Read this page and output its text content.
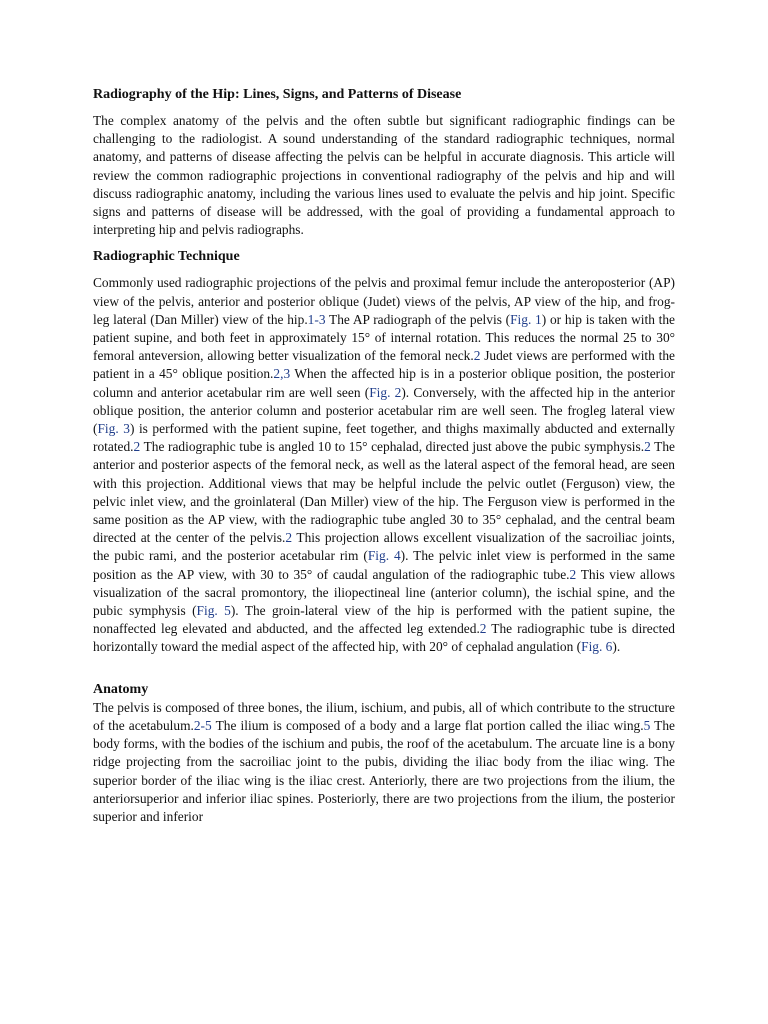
Radiography of the Hip: Lines, Signs, and Patterns of Disease

The complex anatomy of the pelvis and the often subtle but significant radiographic findings can be challenging to the radiologist. A sound understanding of the standard radiographic techniques, normal anatomy, and patterns of disease affecting the pelvis can be helpful in accurate diagnosis. This article will review the common radiographic projections in conventional radiography of the pelvis and hip and will discuss radiographic anatomy, including the various lines used to evaluate the pelvis and hip joint. Specific signs and patterns of disease will be addressed, with the goal of providing a fundamental approach to interpreting hip and pelvis radiographs.

Radiographic Technique

Commonly used radiographic projections of the pelvis and proximal femur include the anteroposterior (AP) view of the pelvis, anterior and posterior oblique (Judet) views of the pelvis, AP view of the hip, and frog-leg lateral (Dan Miller) view of the hip.1-3 The AP radiograph of the pelvis (Fig. 1) or hip is taken with the patient supine, and both feet in approximately 15° of internal rotation. This reduces the normal 25 to 30° femoral anteversion, allowing better visualization of the femoral neck.2 Judet views are performed with the patient in a 45° oblique position.2,3 When the affected hip is in a posterior oblique position, the posterior column and anterior acetabular rim are well seen (Fig. 2). Conversely, with the affected hip in the anterior oblique position, the anterior column and posterior acetabular rim are well seen. The frogleg lateral view (Fig. 3) is performed with the patient supine, feet together, and thighs maximally abducted and externally rotated.2 The radiographic tube is angled 10 to 15° cephalad, directed just above the pubic symphysis.2 The anterior and posterior aspects of the femoral neck, as well as the lateral aspect of the femoral head, are seen with this projection. Additional views that may be helpful include the pelvic outlet (Ferguson) view, the pelvic inlet view, and the groinlateral (Dan Miller) view of the hip. The Ferguson view is performed in the same position as the AP view, with the radiographic tube angled 30 to 35° cephalad, and the central beam directed at the center of the pelvis.2 This projection allows excellent visualization of the sacroiliac joints, the pubic rami, and the posterior acetabular rim (Fig. 4). The pelvic inlet view is performed in the same position as the AP view, with 30 to 35° of caudal angulation of the radiographic tube.2 This view allows visualization of the sacral promontory, the iliopectineal line (anterior column), the ischial spine, and the pubic symphysis (Fig. 5). The groin-lateral view of the hip is performed with the patient supine, the nonaffected leg elevated and abducted, and the affected leg extended.2 The radiographic tube is directed horizontally toward the medial aspect of the affected hip, with 20° of cephalad angulation (Fig. 6).

Anatomy

The pelvis is composed of three bones, the ilium, ischium, and pubis, all of which contribute to the structure of the acetabulum.2-5 The ilium is composed of a body and a large flat portion called the iliac wing.5 The body forms, with the bodies of the ischium and pubis, the roof of the acetabulum. The arcuate line is a bony ridge projecting from the sacroiliac joint to the pubis, dividing the iliac body from the iliac wing. The superior border of the iliac wing is the iliac crest. Anteriorly, there are two projections from the ilium, the anteriorsuperior and inferior iliac spines. Posteriorly, there are two projections from the ilium, the posterior superior and inferior
